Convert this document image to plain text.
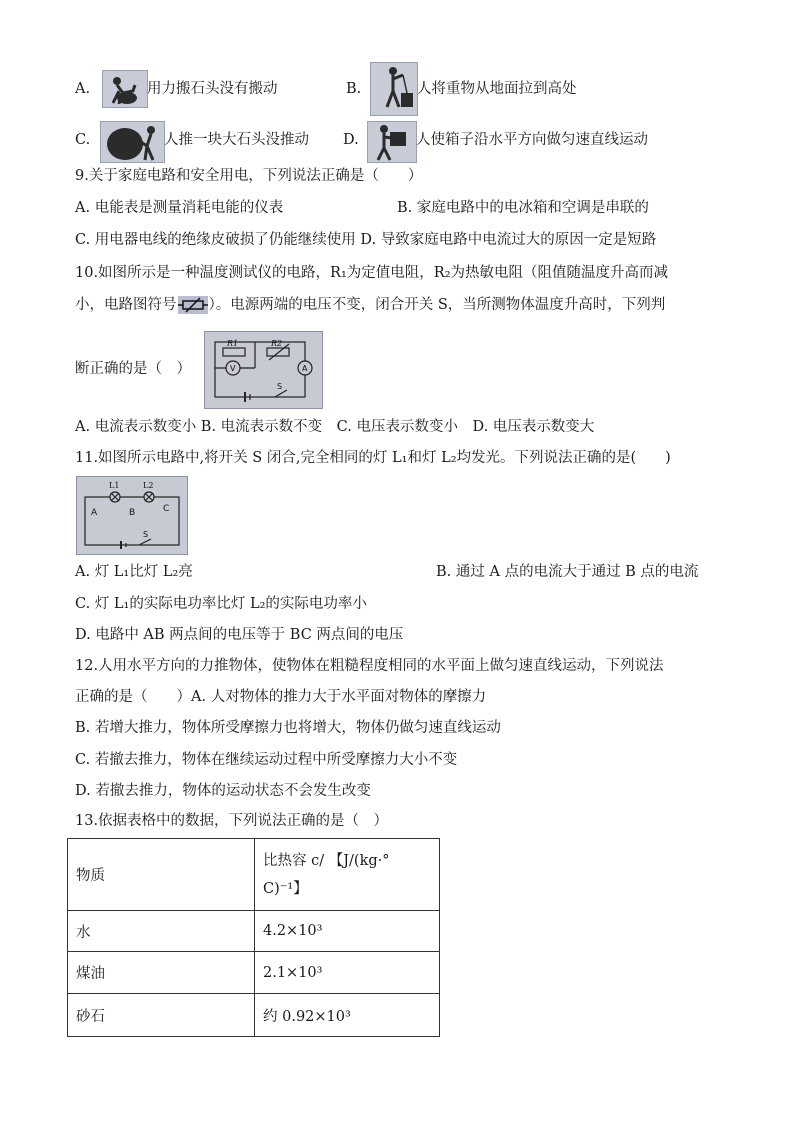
A.	用力搬石头没有搬动	B.	人将重物从地面拉到高处
C.	人推一块大石头没推动 D.	人使箱子沿水平方向做匀速直线运动
9.关于家庭电路和安全用电，下列说法正确是（　　）
A. 电能表是测量消耗电能的仪表	B. 家庭电路中的电冰箱和空调是串联的
C. 用电器电线的绝缘皮破损了仍能继续使用 D. 导致家庭电路中电流过大的原因一定是短路
10.如图所示是一种温度测试仪的电路，R₁为定值电阻，R₂为热敏电阻（阻值随温度升高而减
小，电路图符号 ）。电源两端的电压不变，闭合开关 S，当所测物体温度升高时，下列判
断正确的是（　）
R1	R2
V	A
S
A. 电流表示数变小 B. 电流表示数不变　C. 电压表示数变小　D. 电压表示数变大
11.如图所示电路中,将开关 S 闭合,完全相同的灯 L₁和灯 L₂均发光。下列说法正确的是(　　)
L1	L2
A	B	C
S
A. 灯 L₁比灯 L₂亮	B. 通过 A 点的电流大于通过 B 点的电流
C. 灯 L₁的实际电功率比灯 L₂的实际电功率小
D. 电路中 AB 两点间的电压等于 BC 两点间的电压
12.人用水平方向的力推物体，使物体在粗糙程度相同的水平面上做匀速直线运动，下列说法
正确的是（　　）A. 人对物体的推力大于水平面对物体的摩擦力
B. 若增大推力，物体所受摩擦力也将增大，物体仍做匀速直线运动
C. 若撤去推力，物体在继续运动过程中所受摩擦力大小不变
D. 若撤去推力，物体的运动状态不会发生改变
13.依据表格中的数据，下列说法正确的是（　）
物质	比热容 c/ 【J/(kg·°
C)⁻¹】

水	4.2×10³
煤油	2.1×10³
砂石	约 0.92×10³
